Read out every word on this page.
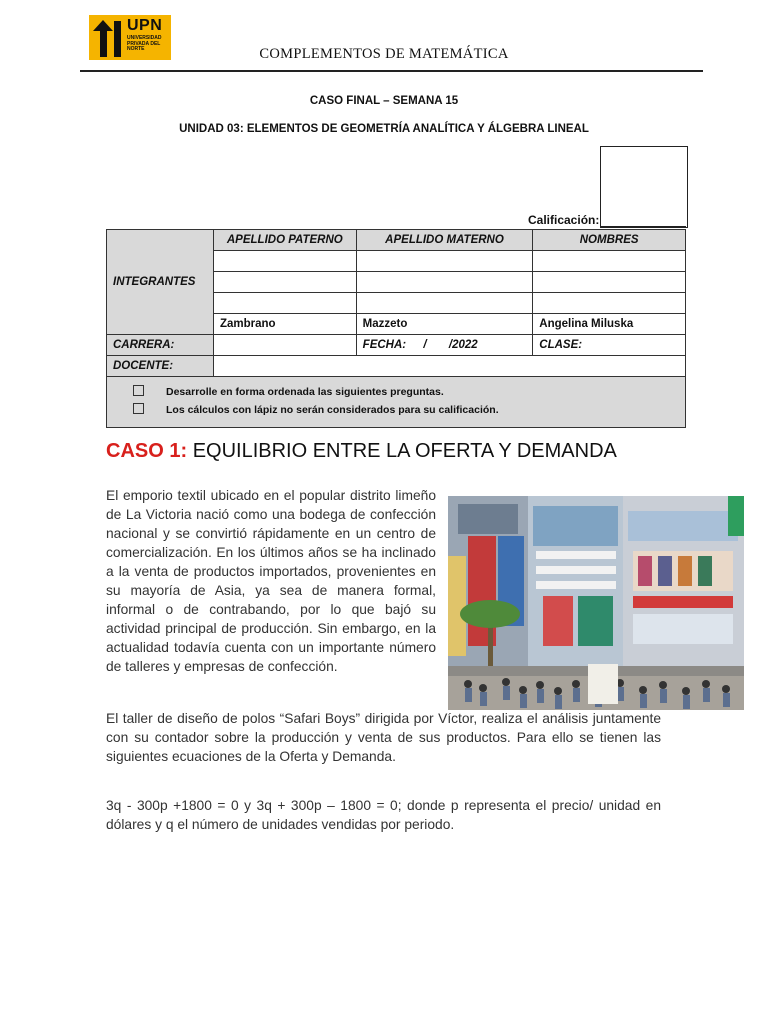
UPN
UNIVERSIDAD PRIVADA DEL NORTE	COMPLEMENTOS DE MATEMÁTICA
CASO FINAL – SEMANA 15
UNIDAD 03: ELEMENTOS DE GEOMETRÍA ANALÍTICA Y ÁLGEBRA LINEAL
Calificación:
INTEGRANTES	APELLIDO PATERNO	APELLIDO MATERNO	NOMBRES

	Zambrano	Mazzeto	Angelina Miluska
CARRERA:		FECHA: /       /2022	CLASE:
DOCENTE:			

Desarrolle en forma ordenada las siguientes preguntas.
Los cálculos con lápiz no serán considerados para su calificación.			
CASO 1: EQUILIBRIO ENTRE LA OFERTA Y DEMANDA
El emporio textil ubicado en el popular distrito limeño de La Victoria nació como una bodega de confección nacional y se convirtió rápidamente en un centro de comercialización. En los últimos años se ha inclinado a la venta de productos importados, provenientes en su mayoría de Asia, ya sea de manera formal, informal o de contrabando, por lo que bajó su actividad principal de producción. Sin embargo, en la actualidad todavía cuenta con un importante número de talleres y empresas de confección.
El taller de diseño de polos “Safari Boys” dirigida por Víctor, realiza el análisis juntamente con su contador sobre la producción y venta de sus productos. Para ello se tienen las siguientes ecuaciones de la Oferta y Demanda.
3q - 300p +1800 = 0 y 3q + 300p – 1800 = 0; donde p representa el precio/ unidad en dólares y q el número de unidades vendidas por periodo.
